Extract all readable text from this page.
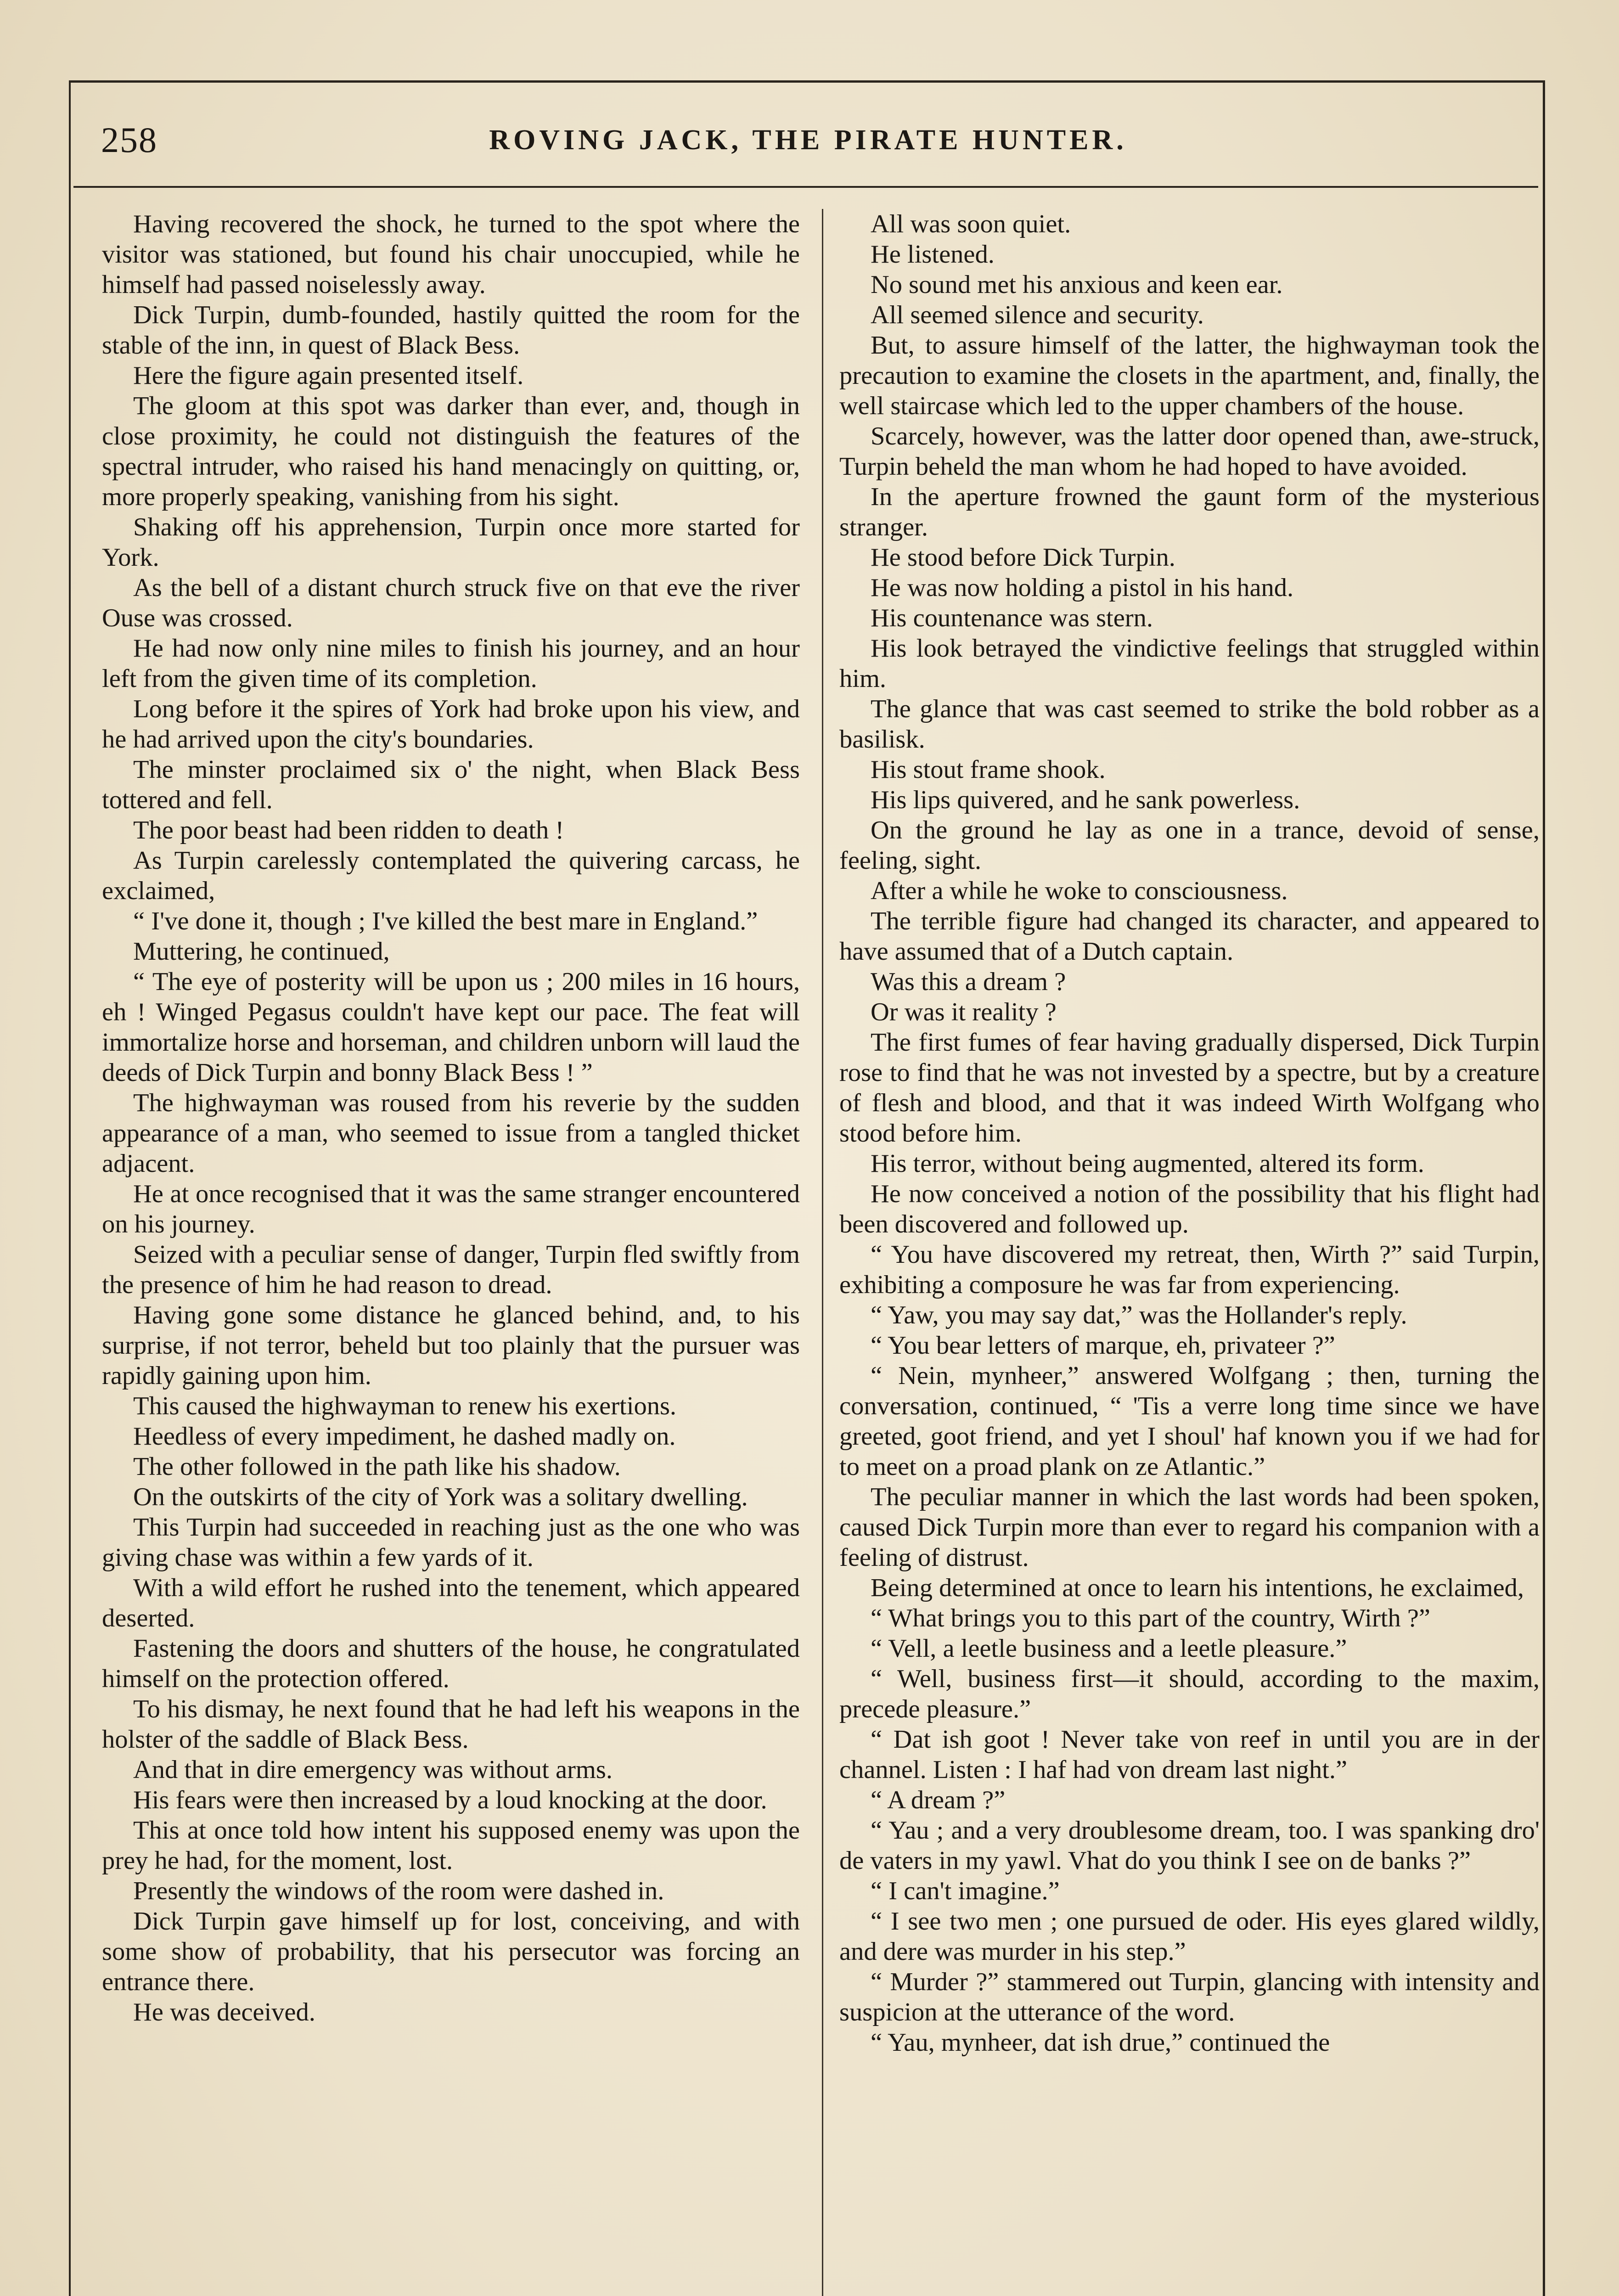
258	ROVING JACK, THE PIRATE HUNTER.

Having recovered the shock, he turned to the spot where the visitor was stationed, but found his chair unoccupied, while he himself had passed noiselessly away.

Dick Turpin, dumb-founded, hastily quitted the room for the stable of the inn, in quest of Black Bess.

Here the figure again presented itself.

The gloom at this spot was darker than ever, and, though in close proximity, he could not distinguish the features of the spectral intruder, who raised his hand menacingly on quitting, or, more properly speaking, vanishing from his sight.

Shaking off his apprehension, Turpin once more started for York.

As the bell of a distant church struck five on that eve the river Ouse was crossed.

He had now only nine miles to finish his journey, and an hour left from the given time of its completion.

Long before it the spires of York had broke upon his view, and he had arrived upon the city's boundaries.

The minster proclaimed six o' the night, when Black Bess tottered and fell.

The poor beast had been ridden to death !

As Turpin carelessly contemplated the quivering carcass, he exclaimed,

“ I've done it, though ; I've killed the best mare in England.”

Muttering, he continued,

“ The eye of posterity will be upon us ; 200 miles in 16 hours, eh ! Winged Pegasus couldn't have kept our pace. The feat will immortalize horse and horseman, and children unborn will laud the deeds of Dick Turpin and bonny Black Bess ! ”

The highwayman was roused from his reverie by the sudden appearance of a man, who seemed to issue from a tangled thicket adjacent.

He at once recognised that it was the same stranger encountered on his journey.

Seized with a peculiar sense of danger, Turpin fled swiftly from the presence of him he had reason to dread.

Having gone some distance he glanced behind, and, to his surprise, if not terror, beheld but too plainly that the pursuer was rapidly gaining upon him.

This caused the highwayman to renew his exertions.

Heedless of every impediment, he dashed madly on.

The other followed in the path like his shadow.

On the outskirts of the city of York was a solitary dwelling.

This Turpin had succeeded in reaching just as the one who was giving chase was within a few yards of it.

With a wild effort he rushed into the tenement, which appeared deserted.

Fastening the doors and shutters of the house, he congratulated himself on the protection offered.

To his dismay, he next found that he had left his weapons in the holster of the saddle of Black Bess.

And that in dire emergency was without arms.

His fears were then increased by a loud knocking at the door.

This at once told how intent his supposed enemy was upon the prey he had, for the moment, lost.

Presently the windows of the room were dashed in.

Dick Turpin gave himself up for lost, conceiving, and with some show of probability, that his persecutor was forcing an entrance there.

He was deceived.

All was soon quiet.

He listened.

No sound met his anxious and keen ear.

All seemed silence and security.

But, to assure himself of the latter, the highwayman took the precaution to examine the closets in the apartment, and, finally, the well staircase which led to the upper chambers of the house.

Scarcely, however, was the latter door opened than, awe-struck, Turpin beheld the man whom he had hoped to have avoided.

In the aperture frowned the gaunt form of the mysterious stranger.

He stood before Dick Turpin.

He was now holding a pistol in his hand.

His countenance was stern.

His look betrayed the vindictive feelings that struggled within him.

The glance that was cast seemed to strike the bold robber as a basilisk.

His stout frame shook.

His lips quivered, and he sank powerless.

On the ground he lay as one in a trance, devoid of sense, feeling, sight.

After a while he woke to consciousness.

The terrible figure had changed its character, and appeared to have assumed that of a Dutch captain.

Was this a dream ?

Or was it reality ?

The first fumes of fear having gradually dispersed, Dick Turpin rose to find that he was not invested by a spectre, but by a creature of flesh and blood, and that it was indeed Wirth Wolfgang who stood before him.

His terror, without being augmented, altered its form.

He now conceived a notion of the possibility that his flight had been discovered and followed up.

“ You have discovered my retreat, then, Wirth ?” said Turpin, exhibiting a composure he was far from experiencing.

“ Yaw, you may say dat,” was the Hollander's reply.

“ You bear letters of marque, eh, privateer ?”

“ Nein, mynheer,” answered Wolfgang ; then, turning the conversation, continued, “ 'Tis a verre long time since we have greeted, goot friend, and yet I shoul' haf known you if we had for to meet on a proad plank on ze Atlantic.”

The peculiar manner in which the last words had been spoken, caused Dick Turpin more than ever to regard his companion with a feeling of distrust.

Being determined at once to learn his intentions, he exclaimed,

“ What brings you to this part of the country, Wirth ?”

“ Vell, a leetle business and a leetle pleasure.”

“ Well, business first—it should, according to the maxim, precede pleasure.”

“ Dat ish goot ! Never take von reef in until you are in der channel. Listen : I haf had von dream last night.”

“ A dream ?”

“ Yau ; and a very droublesome dream, too. I was spanking dro' de vaters in my yawl. Vhat do you think I see on de banks ?”

“ I can't imagine.”

“ I see two men ; one pursued de oder. His eyes glared wildly, and dere was murder in his step.”

“ Murder ?” stammered out Turpin, glancing with intensity and suspicion at the utterance of the word.

“ Yau, mynheer, dat ish drue,” continued the
